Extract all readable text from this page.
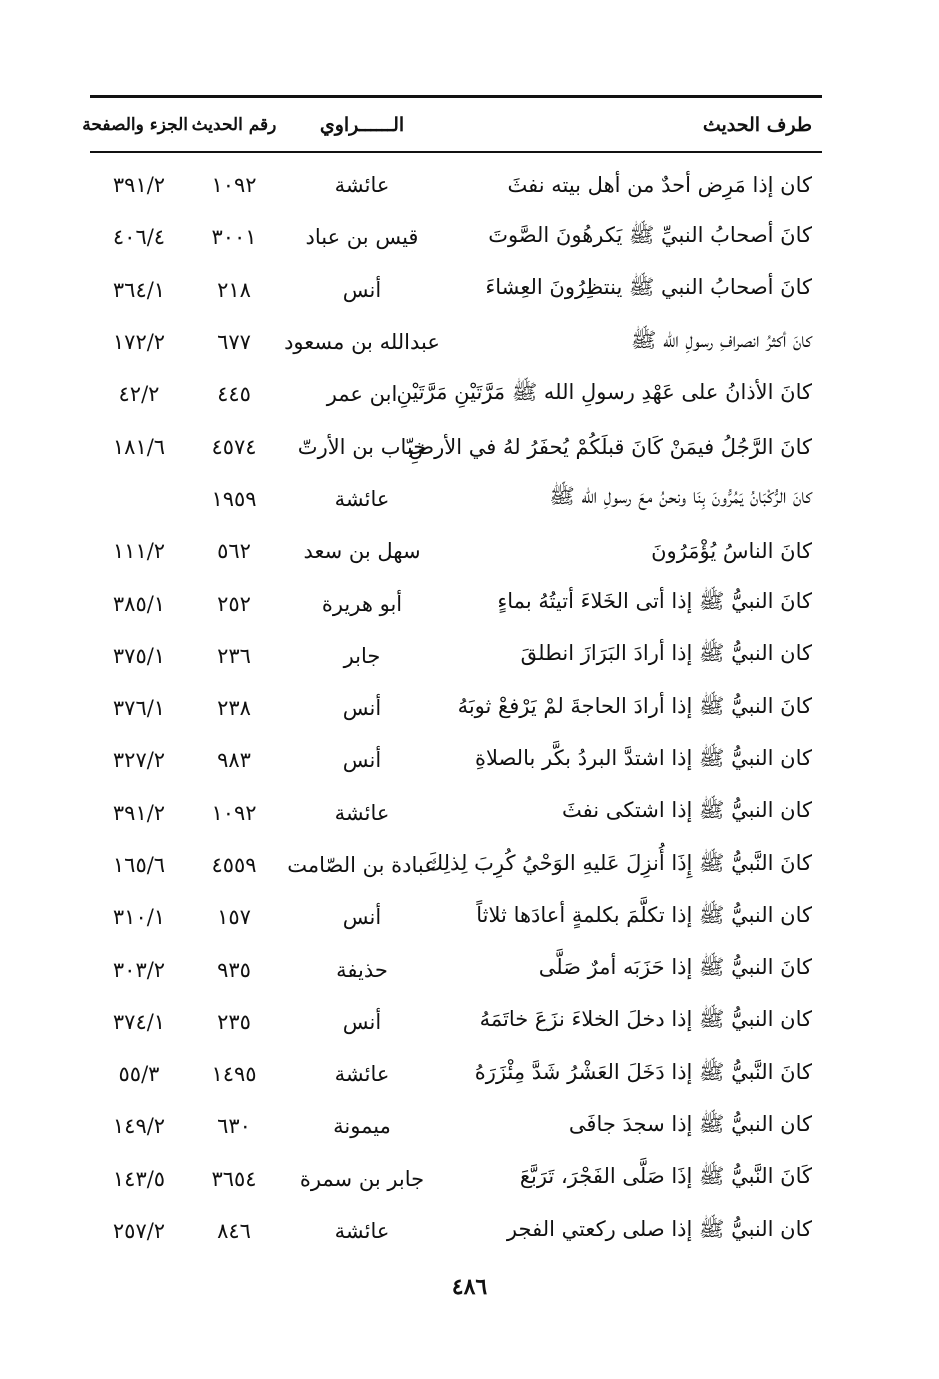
طرف الحديث
الــــــراوي
رقم الحديث
الجزء والصفحة
كان إذا مَرِض أحدٌ من أهل بيته نفثَ
عائشة
١٠٩٢
٣٩١/٢
كانَ أصحابُ النبيِّ ﷺ يَكرهُونَ الصَّوتَ
قيس بن عباد
٣٠٠١
٤٠٦/٤
كانَ أصحابُ النبي ﷺ ينتظِرُونَ العِشاءَ
أنس
٢١٨
٣٦٤/١
كانَ أكثرُ انصرافِ رسولِ الله ﷺ
عبدالله بن مسعود
٦٧٧
١٧٢/٢
كانَ الأذانُ على عَهْدِ رسولِ الله ﷺ مَرَّتَيْنِ مَرَّتَيْنِ
ابن عمر
٤٤٥
٤٢/٢
كانَ الرَّجُلُ فيمَنْ كَانَ قبلَكُمْ يُحفَرُ لهُ في الأرضِ
خبّاب بن الأرتّ
٤٥٧٤
١٨١/٦
كانَ الرُّكْبَانُ يَمُرُّونَ بِنَا ونحنُ معَ رسولِ الله ﷺ
عائشة
١٩٥٩
كانَ الناسُ يُؤْمَرُونَ
سهل بن سعد
٥٦٢
١١١/٢
كانَ النبيُّ ﷺ إذا أتى الخَلاءَ أتيتُهُ بماءٍ
أبو هريرة
٢٥٢
٣٨٥/١
كان النبيُّ ﷺ إذا أرادَ البَرَازَ انطلقَ
جابر
٢٣٦
٣٧٥/١
كانَ النبيُّ ﷺ إذا أرادَ الحاجةَ لمْ يَرْفعْ ثوبَهُ
أنس
٢٣٨
٣٧٦/١
كان النبيُّ ﷺ إذا اشتدَّ البردُ بكَّر بالصلاةِ
أنس
٩٨٣
٣٢٧/٢
كان النبيُّ ﷺ إذا اشتكى نفثَ
عائشة
١٠٩٢
٣٩١/٢
كانَ النَّبيُّ ﷺ إِذَا أُنزِلَ عَليهِ الوَحْيُ كُرِبَ لِذلِكَ
عبادة بن الصّامت
٤٥٥٩
١٦٥/٦
كان النبيُّ ﷺ إذا تكلَّمَ بكلمةٍ أعادَها ثلاثاً
أنس
١٥٧
٣١٠/١
كانَ النبيُّ ﷺ إذا حَزَبَه أمرٌ صَلَّى
حذيفة
٩٣٥
٣٠٣/٢
كان النبيُّ ﷺ إذا دخلَ الخلاءَ نزَعَ خاتَمَهُ
أنس
٢٣٥
٣٧٤/١
كانَ النَّبيُّ ﷺ إذا دَخَلَ العَشْرُ شَدَّ مِئْزَرَهُ
عائشة
١٤٩٥
٥٥/٣
كان النبيُّ ﷺ إذا سجدَ جافَى
ميمونة
٦٣٠
١٤٩/٢
كَانَ النَّبيُّ ﷺ إذَا صَلَّى الفَجْرَ، تَرَبَّعَ
جابر بن سمرة
٣٦٥٤
١٤٣/٥
كان النبيُّ ﷺ إذا صلى ركعتي الفجر
عائشة
٨٤٦
٢٥٧/٢
٤٨٦
